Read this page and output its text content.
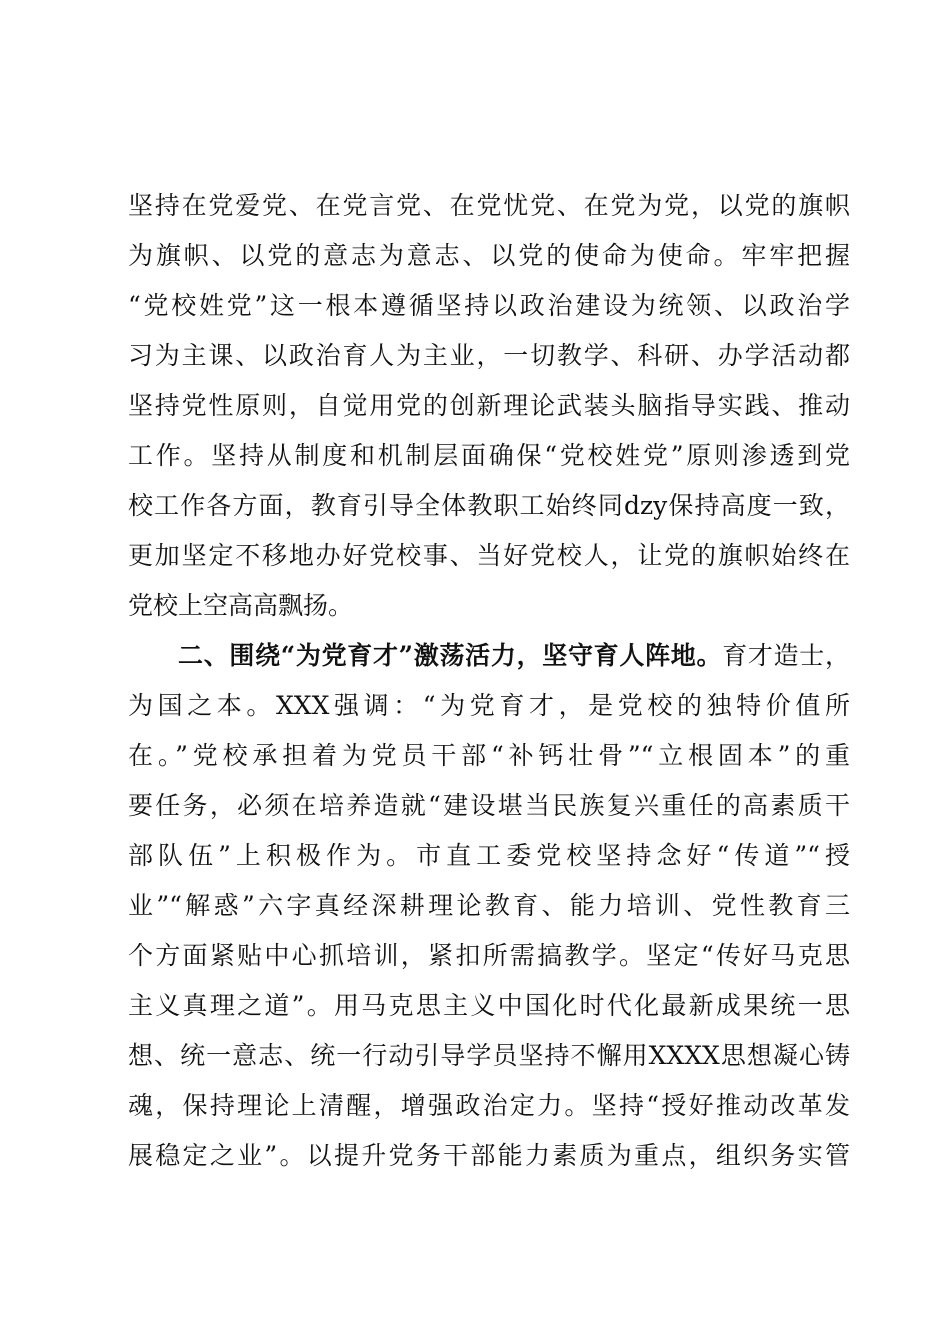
坚持在党爱党、在党言党、在党忧党、在党为党，以党的旗帜
为旗帜、以党的意志为意志、以党的使命为使命。牢牢把握
“党校姓党”这一根本遵循坚持以政治建设为统领、以政治学
习为主课、以政治育人为主业，一切教学、科研、办学活动都
坚持党性原则，自觉用党的创新理论武装头脑指导实践、推动
工作。坚持从制度和机制层面确保“党校姓党”原则渗透到党
校工作各方面，教育引导全体教职工始终同dzy保持高度一致，
更加坚定不移地办好党校事、当好党校人，让党的旗帜始终在
党校上空高高飘扬。
二、围绕“为党育才”激荡活力，坚守育人阵地。育才造士，
为国之本。XXX强调：“为党育才，是党校的独特价值所
在。”党校承担着为党员干部“补钙壮骨”“立根固本”的重
要任务，必须在培养造就“建设堪当民族复兴重任的高素质干
部队伍”上积极作为。市直工委党校坚持念好“传道”“授
业”“解惑”六字真经深耕理论教育、能力培训、党性教育三
个方面紧贴中心抓培训，紧扣所需搞教学。坚定“传好马克思
主义真理之道”。用马克思主义中国化时代化最新成果统一思
想、统一意志、统一行动引导学员坚持不懈用XXXX思想凝心铸
魂，保持理论上清醒，增强政治定力。坚持“授好推动改革发
展稳定之业”。以提升党务干部能力素质为重点，组织务实管
